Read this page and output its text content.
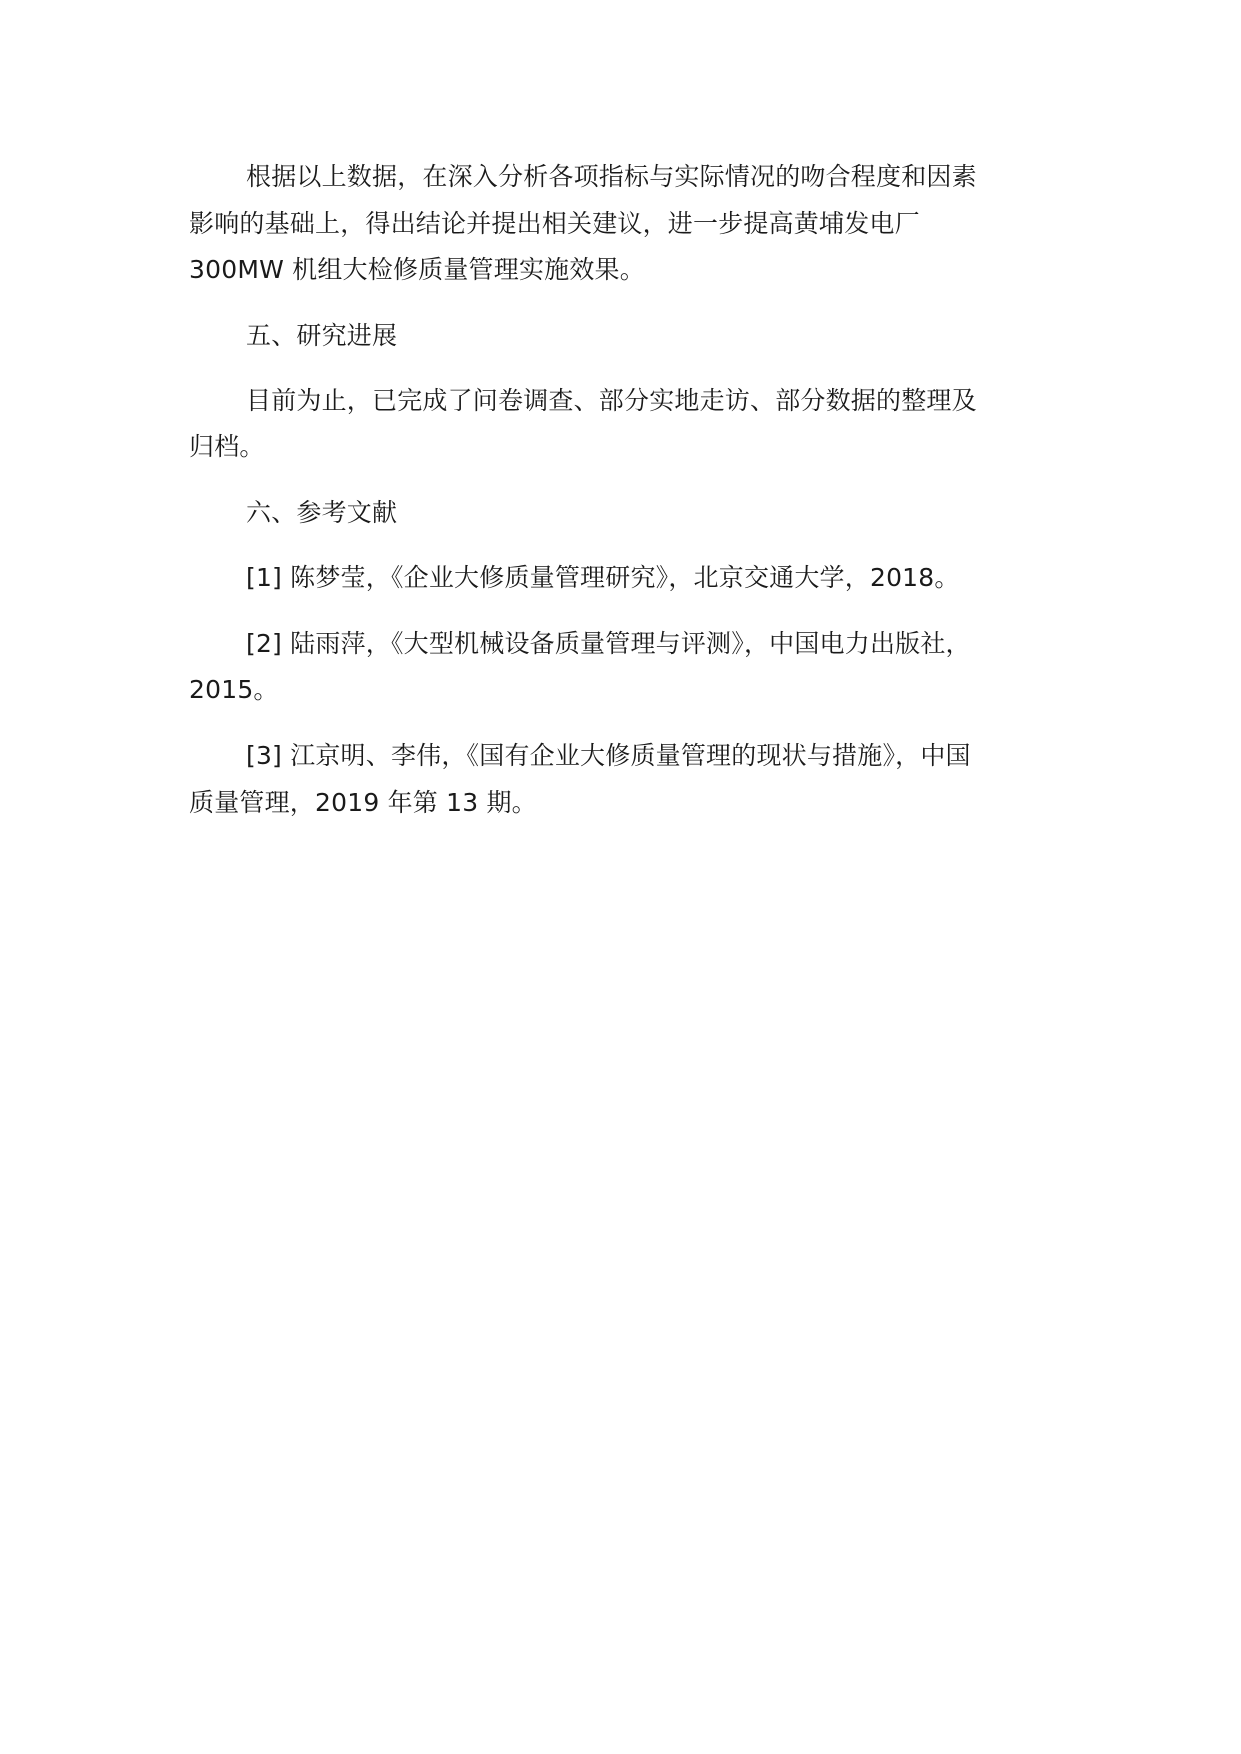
根据以上数据，在深入分析各项指标与实际情况的吻合程度和因素
影响的基础上，得出结论并提出相关建议，进一步提高黄埔发电厂
300MW 机组大检修质量管理实施效果。
五、研究进展
目前为止，已完成了问卷调查、部分实地走访、部分数据的整理及
归档。
六、参考文献
[1] 陈梦莹，《企业大修质量管理研究》，北京交通大学，2018。
[2] 陆雨萍，《大型机械设备质量管理与评测》，中国电力出版社，
2015。
[3] 江京明、李伟，《国有企业大修质量管理的现状与措施》，中国
质量管理，2019 年第 13 期。
